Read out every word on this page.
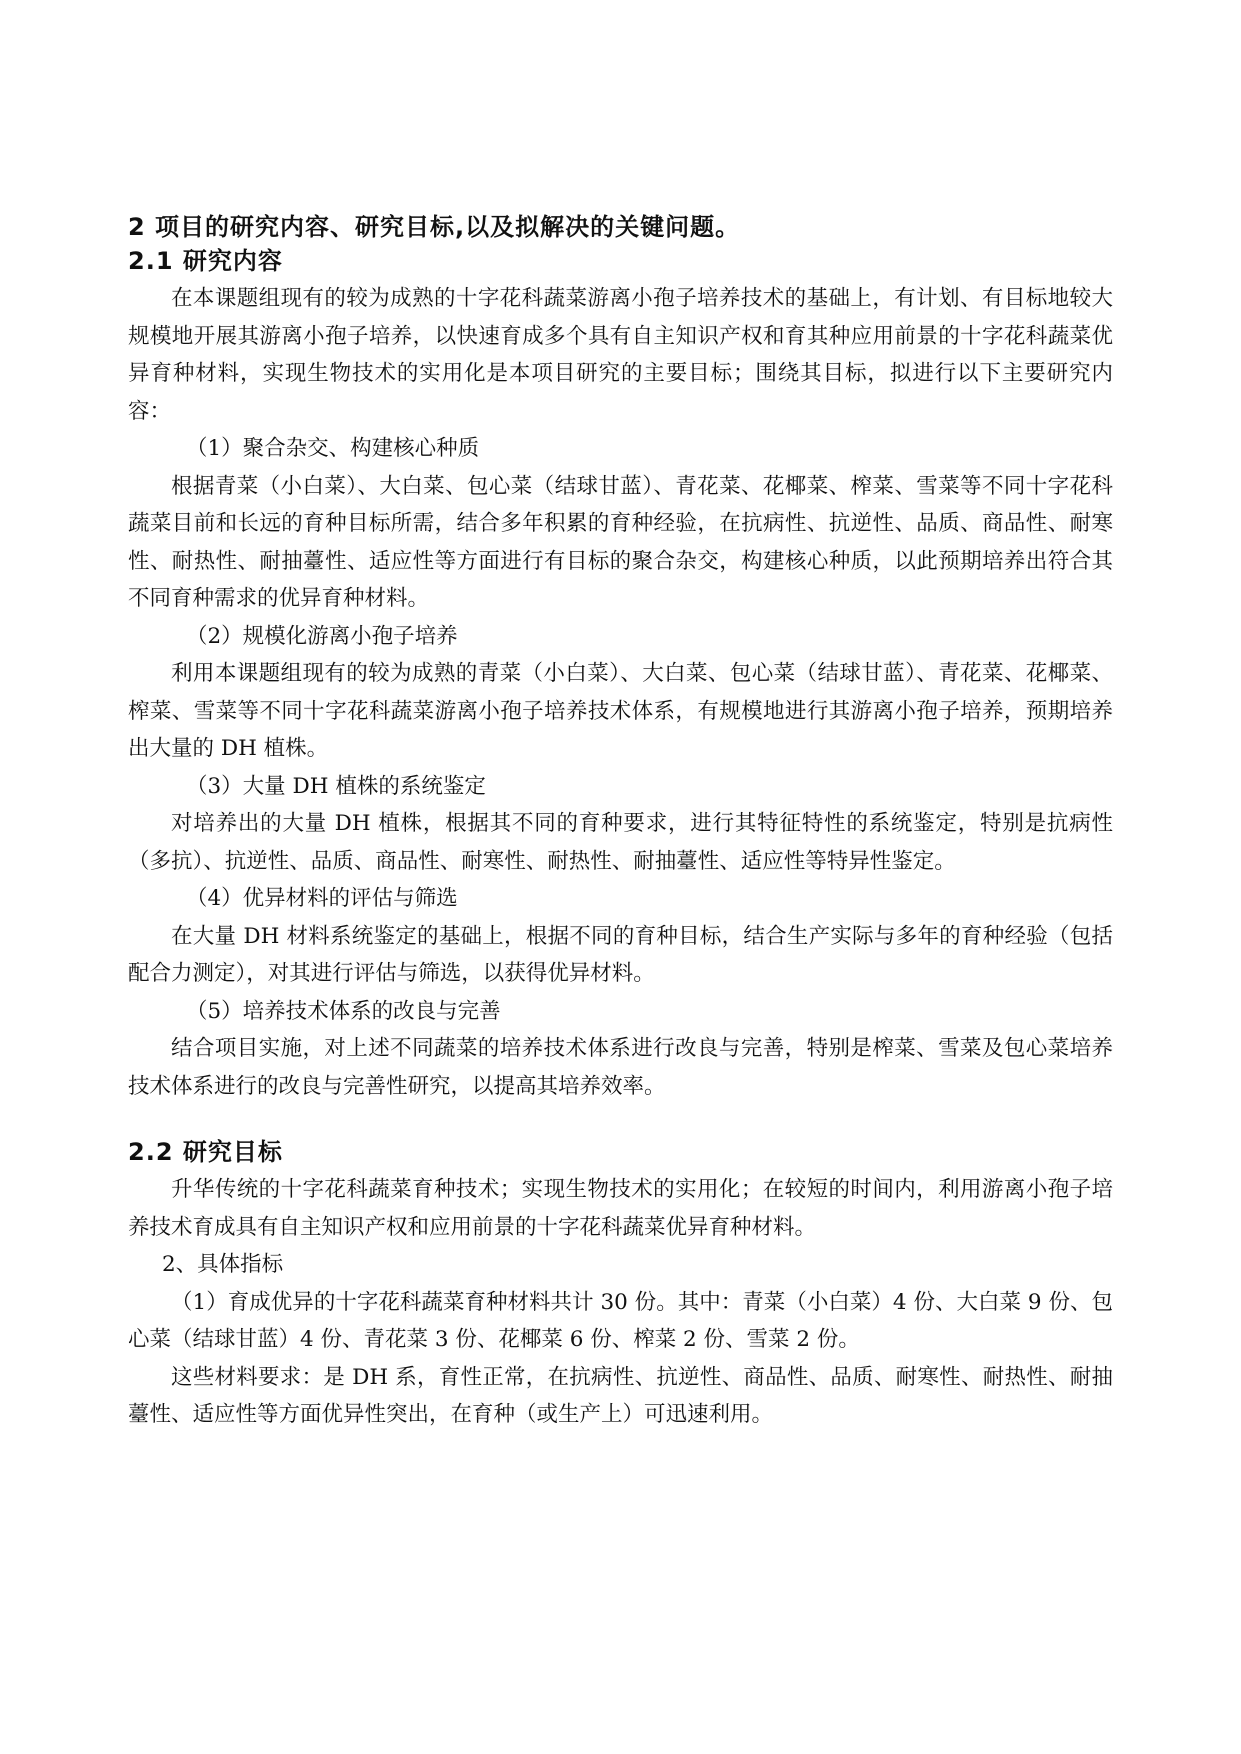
2 项目的研究内容、研究目标,以及拟解决的关键问题。
2.1 研究内容

在本课题组现有的较为成熟的十字花科蔬菜游离小孢子培养技术的基础上，有计划、有目标地较大规模地开展其游离小孢子培养，以快速育成多个具有自主知识产权和育其种应用前景的十字花科蔬菜优异育种材料，实现生物技术的实用化是本项目研究的主要目标；围绕其目标，拟进行以下主要研究内容：

（1）聚合杂交、构建核心种质

根据青菜（小白菜）、大白菜、包心菜（结球甘蓝）、青花菜、花椰菜、榨菜、雪菜等不同十字花科蔬菜目前和长远的育种目标所需，结合多年积累的育种经验，在抗病性、抗逆性、品质、商品性、耐寒性、耐热性、耐抽薹性、适应性等方面进行有目标的聚合杂交，构建核心种质，以此预期培养出符合其不同育种需求的优异育种材料。

（2）规模化游离小孢子培养

利用本课题组现有的较为成熟的青菜（小白菜）、大白菜、包心菜（结球甘蓝）、青花菜、花椰菜、榨菜、雪菜等不同十字花科蔬菜游离小孢子培养技术体系，有规模地进行其游离小孢子培养，预期培养出大量的 DH 植株。

（3）大量 DH 植株的系统鉴定

对培养出的大量 DH 植株，根据其不同的育种要求，进行其特征特性的系统鉴定，特别是抗病性（多抗）、抗逆性、品质、商品性、耐寒性、耐热性、耐抽薹性、适应性等特异性鉴定。

（4）优异材料的评估与筛选

在大量 DH 材料系统鉴定的基础上，根据不同的育种目标，结合生产实际与多年的育种经验（包括配合力测定），对其进行评估与筛选，以获得优异材料。

（5）培养技术体系的改良与完善

结合项目实施，对上述不同蔬菜的培养技术体系进行改良与完善，特别是榨菜、雪菜及包心菜培养技术体系进行的改良与完善性研究，以提高其培养效率。

2.2 研究目标

升华传统的十字花科蔬菜育种技术；实现生物技术的实用化；在较短的时间内，利用游离小孢子培养技术育成具有自主知识产权和应用前景的十字花科蔬菜优异育种材料。

2、具体指标

（1）育成优异的十字花科蔬菜育种材料共计 30 份。其中：青菜（小白菜）4 份、大白菜 9 份、包心菜（结球甘蓝）4 份、青花菜 3 份、花椰菜 6 份、榨菜 2 份、雪菜 2 份。

这些材料要求：是 DH 系，育性正常，在抗病性、抗逆性、商品性、品质、耐寒性、耐热性、耐抽薹性、适应性等方面优异性突出，在育种（或生产上）可迅速利用。
